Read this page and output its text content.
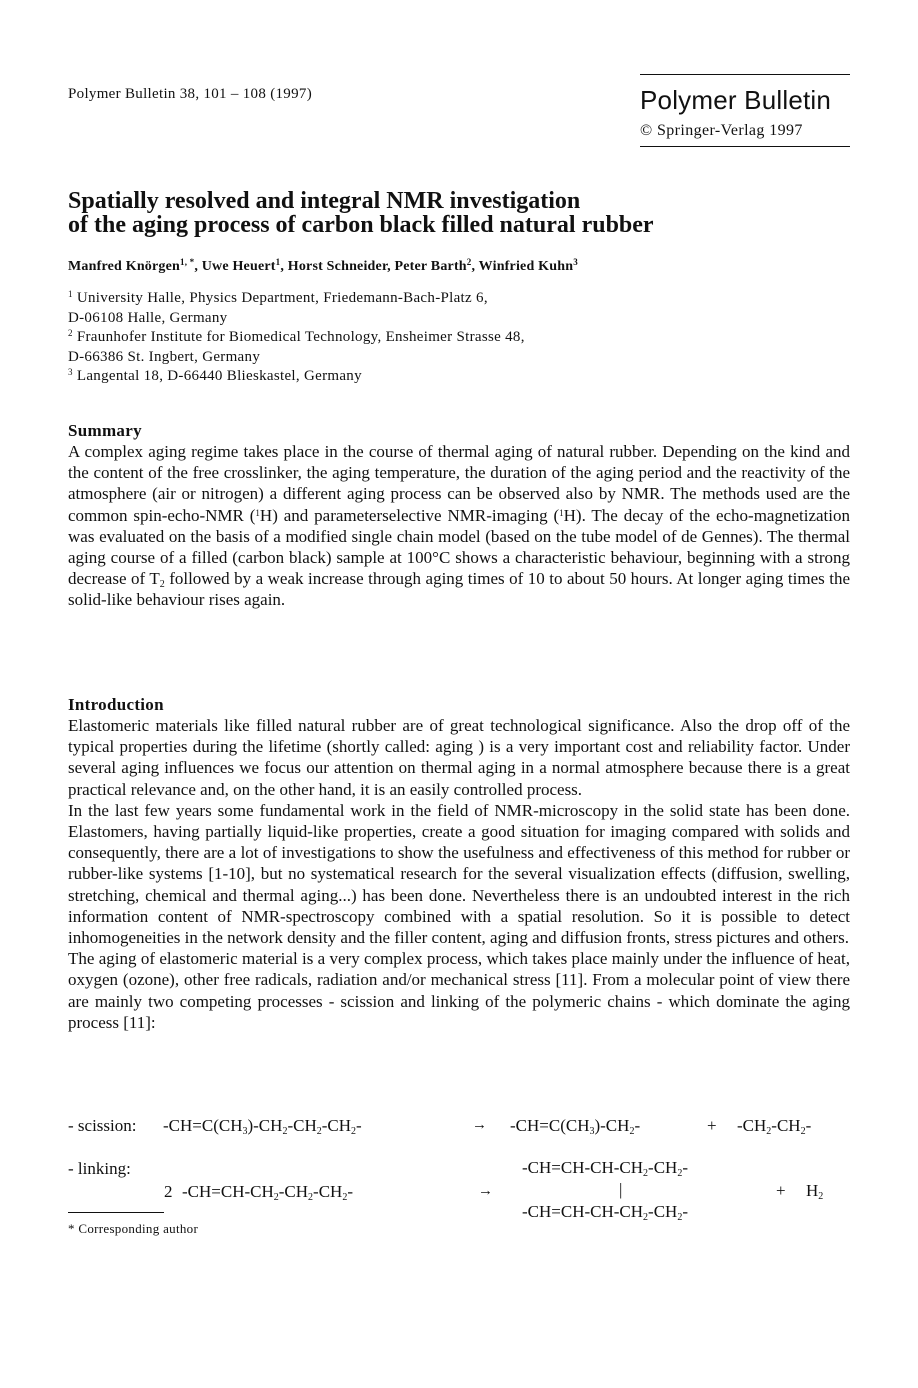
Polymer Bulletin 38, 101 – 108 (1997)	Polymer Bulletin
© Springer-Verlag 1997
Spatially resolved and integral NMR investigation
of the aging process of carbon black filled natural rubber
Manfred Knörgen$^{1, *}$, Uwe Heuert$^1$, Horst Schneider, Peter Barth$^2$, Winfried Kuhn$^3$
$^1$ University Halle, Physics Department, Friedemann-Bach-Platz 6,
D-06108 Halle, Germany
$^2$ Fraunhofer Institute for Biomedical Technology, Ensheimer Strasse 48,
D-66386 St. Ingbert, Germany
$^3$ Langental 18, D-66440 Blieskastel, Germany
Summary
A complex aging regime takes place in the course of thermal aging of natural rubber. Depending on the kind and the content of the free crosslinker, the aging temperature, the duration of the aging period and the reactivity of the atmosphere (air or nitrogen) a different aging process can be observed also by NMR. The methods used are the common spin-echo-NMR ($^1$H) and parameterselective NMR-imaging ($^1$H). The decay of the echo-magnetization was evaluated on the basis of a modified single chain model (based on the tube model of de Gennes). The thermal aging course of a filled (carbon black) sample at 100°C shows a characteristic behaviour, beginning with a strong decrease of $T_2$ followed by a weak increase through aging times of 10 to about 50 hours. At longer aging times the solid-like behaviour rises again.
Introduction
Elastomeric materials like filled natural rubber are of great technological significance. Also the drop off of the typical properties during the lifetime (shortly called: aging ) is a very important cost and reliability factor. Under several aging influences we focus our attention on thermal aging in a normal atmosphere because there is a great practical relevance and, on the other hand, it is an easily controlled process.
In the last few years some fundamental work in the field of NMR-microscopy in the solid state has been done. Elastomers, having partially liquid-like properties, create a good situation for imaging compared with solids and consequently, there are a lot of investigations to show the usefulness and effectiveness of this method for rubber or rubber-like systems [1-10], but no systematical research for the several visualization effects (diffusion, swelling, stretching, chemical and thermal aging...) has been done. Nevertheless there is an undoubted interest in the rich information content of NMR-spectroscopy combined with a spatial resolution. So it is possible to detect inhomogeneities in the network density and the filler content, aging and diffusion fronts, stress pictures and others.
The aging of elastomeric material is a very complex process, which takes place mainly under the influence of heat, oxygen (ozone), other free radicals, radiation and/or mechanical stress [11]. From a molecular point of view there are mainly two competing processes - scission and linking of the polymeric chains - which dominate the aging process [11]:
- scission: $-CH=C(CH_3)-CH_2-CH_2-CH_2-$	→ $-CH=C(CH_3)-CH_2-$	+ $-CH_2-CH_2-$
- linking:	$-CH=CH-CH-CH_2-CH_2-$
2 $-CH=CH-CH_2-CH_2-CH_2-$	→	|	+ $H_2$
$-CH=CH-CH-CH_2-CH_2-$
* Corresponding author
